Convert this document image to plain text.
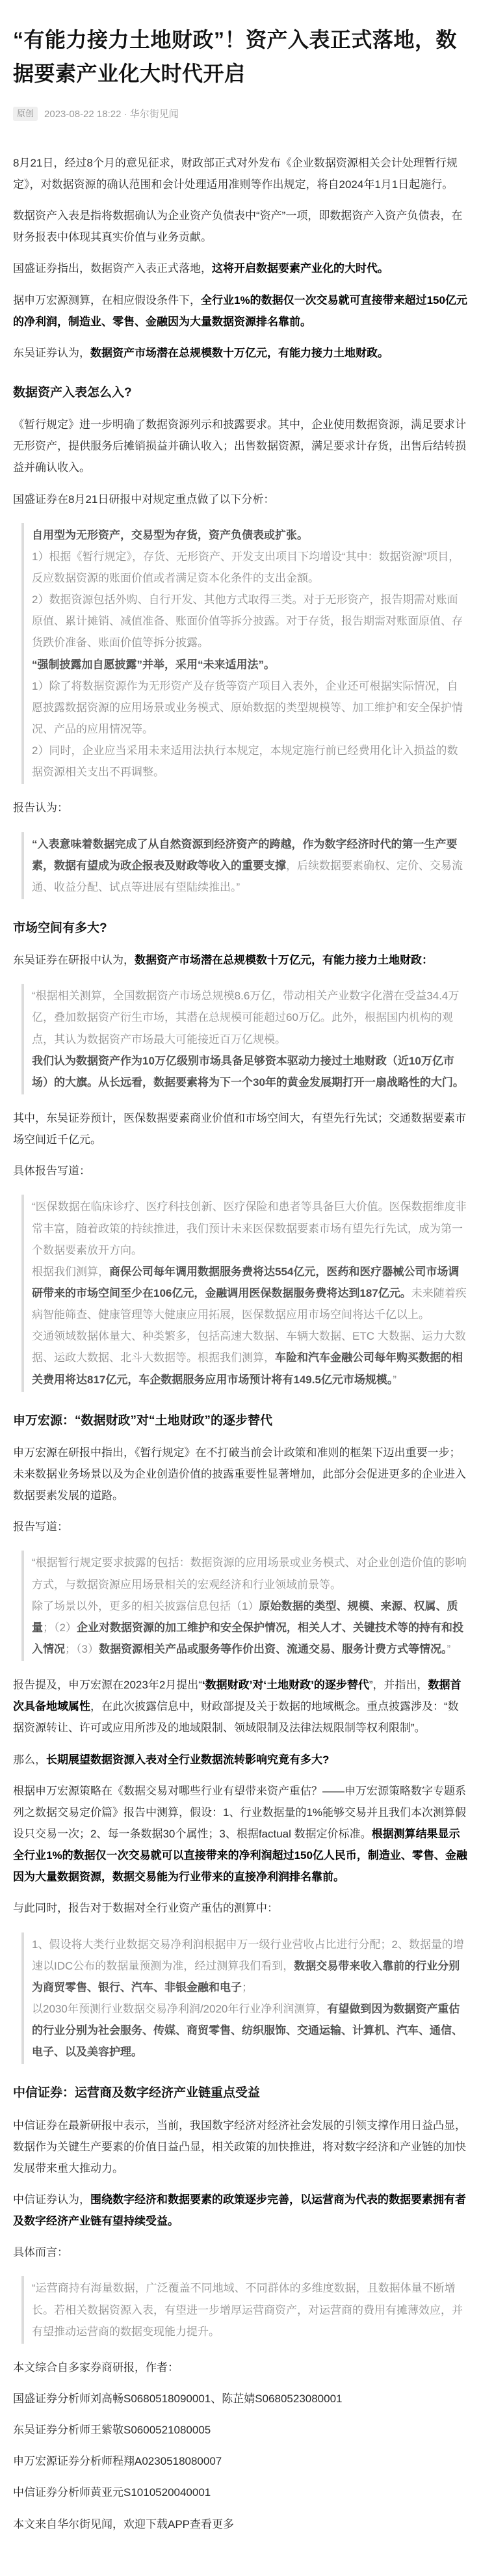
“有能力接力土地财政”！资产入表正式落地，数据要素产业化大时代开启
原创	2023-08-22 18:22 · 华尔街见闻

8月21日，经过8个月的意见征求，财政部正式对外发布《企业数据资源相关会计处理暂行规定》，对数据资源的确认范围和会计处理适用准则等作出规定，将自2024年1月1日起施行。

数据资产入表是指将数据确认为企业资产负债表中“资产”一项，即数据资产入资产负债表，在财务报表中体现其真实价值与业务贡献。

国盛证券指出，数据资产入表正式落地，这将开启数据要素产业化的大时代。

据申万宏源测算，在相应假设条件下，全行业1%的数据仅一次交易就可直接带来超过150亿元的净利润，制造业、零售、金融因为大量数据资源排名靠前。

东吴证券认为，数据资产市场潜在总规模数十万亿元，有能力接力土地财政。

数据资产入表怎么入?

《暂行规定》进一步明确了数据资源列示和披露要求。其中，企业使用数据资源，满足要求计无形资产，提供服务后摊销损益并确认收入；出售数据资源，满足要求计存货，出售后结转损益并确认收入。

国盛证券在8月21日研报中对规定重点做了以下分析：

自用型为无形资产，交易型为存货，资产负债表或扩张。

1）根据《暂行规定》，存货、无形资产、开发支出项目下均增设“其中：数据资源”项目，反应数据资源的账面价值或者满足资本化条件的支出金额。

2）数据资源包括外购、自行开发、其他方式取得三类。对于无形资产，报告期需对账面原值、累计摊销、减值准备、账面价值等拆分披露。对于存货，报告期需对账面原值、存货跌价准备、账面价值等拆分披露。

“强制披露加自愿披露”并举，采用“未来适用法”。

1）除了将数据资源作为无形资产及存货等资产项目入表外，企业还可根据实际情况，自愿披露数据资源的应用场景或业务模式、原始数据的类型规模等、加工维护和安全保护情况、产品的应用情况等。

2）同时，企业应当采用未来适用法执行本规定，本规定施行前已经费用化计入损益的数据资源相关支出不再调整。

报告认为：

“入表意味着数据完成了从自然资源到经济资产的跨越，作为数字经济时代的第一生产要素，数据有望成为政企报表及财政等收入的重要支撑，后续数据要素确权、定价、交易流通、收益分配、试点等进展有望陆续推出。”

市场空间有多大?

东吴证券在研报中认为，数据资产市场潜在总规模数十万亿元，有能力接力土地财政：

“根据相关测算，全国数据资产市场总规模8.6万亿，带动相关产业数字化潜在受益34.4万亿，叠加数据资产衍生市场，其潜在总规模可能超过60万亿。此外，根据国内机构的观点，其认为数据资产市场最大可能接近百万亿规模。

我们认为数据资产作为10万亿级别市场具备足够资本驱动力接过土地财政（近10万亿市场）的大旗。从长远看，数据要素将为下一个30年的黄金发展期打开一扇战略性的大门。

其中，东吴证券预计，医保数据要素商业价值和市场空间大，有望先行先试；交通数据要素市场空间近千亿元。

具体报告写道：

“医保数据在临床诊疗、医疗科技创新、医疗保险和患者等具备巨大价值。医保数据维度非常丰富，随着政策的持续推进，我们预计未来医保数据要素市场有望先行先试，成为第一个数据要素放开方向。

根据我们测算，商保公司每年调用数据服务费将达554亿元，医药和医疗器械公司市场调研带来的市场空间至少在106亿元，金融调用医保数据服务费将达到187亿元。未来随着疾病智能筛查、健康管理等大健康应用拓展，医保数据应用市场空间将达千亿以上。

交通领域数据体量大、种类繁多，包括高速大数据、车辆大数据、ETC 大数据、运力大数据、运政大数据、北斗大数据等。根据我们测算，车险和汽车金融公司每年购买数据的相关费用将达817亿元，车企数据服务应用市场预计将有149.5亿元市场规模。”

申万宏源：“数据财政”对“土地财政”的逐步替代

申万宏源在研报中指出，《暂行规定》在不打破当前会计政策和准则的框架下迈出重要一步；未来数据业务场景以及为企业创造价值的披露重要性显著增加，此部分会促进更多的企业进入数据要素发展的道路。

报告写道：

“根据暂行规定要求披露的包括：数据资源的应用场景或业务模式、对企业创造价值的影响方式，与数据资源应用场景相关的宏观经济和行业领域前景等。

除了场景以外，更多的相关披露信息包括（1）原始数据的类型、规模、来源、权属、质量；（2）企业对数据资源的加工维护和安全保护情况，相关人才、关键技术等的持有和投入情况；（3）数据资源相关产品或服务等作价出资、流通交易、服务计费方式等情况。”

报告提及，申万宏源在2023年2月提出“‘数据财政’对‘土地财政’的逐步替代”，并指出，数据首次具备地域属性，在此次披露信息中，财政部提及关于数据的地域概念。重点披露涉及：“数据资源转让、许可或应用所涉及的地域限制、领域限制及法律法规限制等权利限制”。

那么，长期展望数据资源入表对全行业数据流转影响究竟有多大?

根据申万宏源策略在《数据交易对哪些行业有望带来资产重估？——申万宏源策略数字专题系列之数据交易定价篇》报告中测算，假设：1、行业数据量的1%能够交易并且我们本次测算假设只交易一次；2、每一条数据30个属性；3、根据factual 数据定价标准。根据测算结果显示全行业1%的数据仅一次交易就可以直接带来的净利润超过150亿人民币，制造业、零售、金融因为大量数据资源，数据交易能为行业带来的直接净利润排名靠前。

与此同时，报告对于数据对全行业资产重估的测算中：

1、假设将大类行业数据交易净利润根据申万一级行业营收占比进行分配；2、数据量的增速以IDC公布的数据量预测为准，经过测算我们看到，数据交易带来收入靠前的行业分别为商贸零售、银行、汽车、非银金融和电子；

以2030年预测行业数据交易净利润/2020年行业净利润测算，有望做到因为数据资产重估的行业分别为社会服务、传媒、商贸零售、纺织服饰、交通运输、计算机、汽车、通信、电子、以及美容护理。

中信证券：运营商及数字经济产业链重点受益

中信证券在最新研报中表示，当前，我国数字经济对经济社会发展的引领支撑作用日益凸显，数据作为关键生产要素的价值日益凸显，相关政策的加快推进，将对数字经济和产业链的加快发展带来重大推动力。

中信证券认为，围绕数字经济和数据要素的政策逐步完善，以运营商为代表的数据要素拥有者及数字经济产业链有望持续受益。

具体而言：

“运营商持有海量数据，广泛覆盖不同地域、不同群体的多维度数据，且数据体量不断增长。若相关数据资源入表，有望进一步增厚运营商资产，对运营商的费用有摊薄效应，并有望推动运营商的数据变现能力提升。

本文综合自多家券商研报，作者：

国盛证券分析师刘高畅S0680518090001、陈芷婧S0680523080001

东吴证券分析师王紫敬S0600521080005

申万宏源证券分析师程翔A0230518080007

中信证券分析师黄亚元S1010520040001

本文来自华尔街见闻，欢迎下载APP查看更多
